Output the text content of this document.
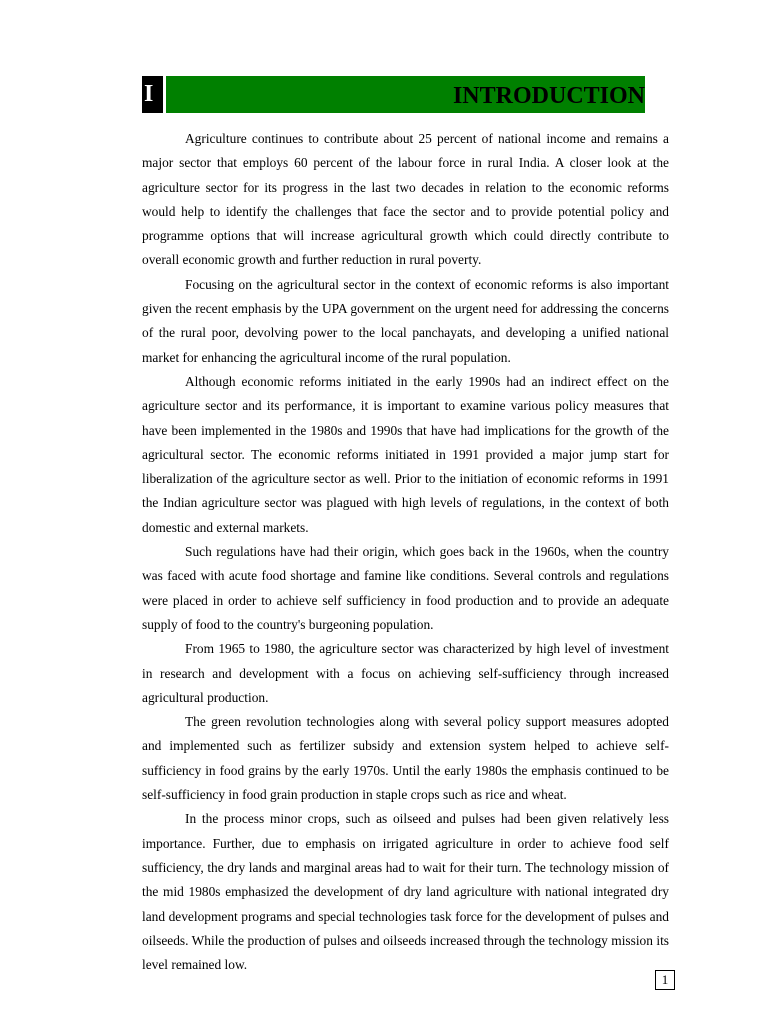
I	INTRODUCTION

Agriculture continues to contribute about 25 percent of national income and remains a major sector that employs 60 percent of the labour force in rural India. A closer look at the agriculture sector for its progress in the last two decades in relation to the economic reforms would help to identify the challenges that face the sector and to provide potential policy and programme options that will increase agricultural growth which could directly contribute to overall economic growth and further reduction in rural poverty.

Focusing on the agricultural sector in the context of economic reforms is also important given the recent emphasis by the UPA government on the urgent need for addressing the concerns of the rural poor, devolving power to the local panchayats, and developing a unified national market for enhancing the agricultural income of the rural population.

Although economic reforms initiated in the early 1990s had an indirect effect on the agriculture sector and its performance, it is important to examine various policy measures that have been implemented in the 1980s and 1990s that have had implications for the growth of the agricultural sector. The economic reforms initiated in 1991 provided a major jump start for liberalization of the agriculture sector as well. Prior to the initiation of economic reforms in 1991 the Indian agriculture sector was plagued with high levels of regulations, in the context of both domestic and external markets.

Such regulations have had their origin, which goes back in the 1960s, when the country was faced with acute food shortage and famine like conditions. Several controls and regulations were placed in order to achieve self sufficiency in food production and to provide an adequate supply of food to the country's burgeoning population.

From 1965 to 1980, the agriculture sector was characterized by high level of investment in research and development with a focus on achieving self-sufficiency through increased agricultural production.

The green revolution technologies along with several policy support measures adopted and implemented such as fertilizer subsidy and extension system helped to achieve self-sufficiency in food grains by the early 1970s. Until the early 1980s the emphasis continued to be self-sufficiency in food grain production in staple crops such as rice and wheat.

In the process minor crops, such as oilseed and pulses had been given relatively less importance. Further, due to emphasis on irrigated agriculture in order to achieve food self sufficiency, the dry lands and marginal areas had to wait for their turn. The technology mission of the mid 1980s emphasized the development of dry land agriculture with national integrated dry land development programs and special technologies task force for the development of pulses and oilseeds. While the production of pulses and oilseeds increased through the technology mission its level remained low.

1
